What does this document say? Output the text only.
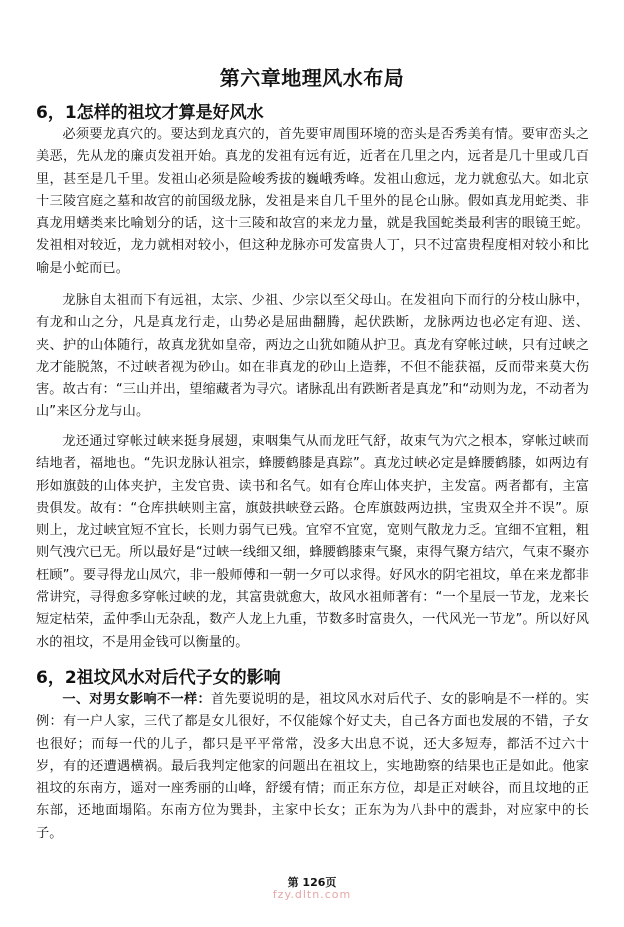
第六章地理风水布局
6，1怎样的祖坟才算是好风水

必须要龙真穴的。要达到龙真穴的，首先要审周围环境的峦头是否秀美有情。要审峦头之美恶，先从龙的廉贞发祖开始。真龙的发祖有远有近，近者在几里之内，远者是几十里或几百里，甚至是几千里。发祖山必须是险峻秀拔的巍峨秀峰。发祖山愈远，龙力就愈弘大。如北京十三陵宫庭之墓和故宫的前国级龙脉，发祖是来自几千里外的昆仑山脉。假如真龙用蛇类、非真龙用蟮类来比喻划分的话，这十三陵和故宫的来龙力量，就是我国蛇类最利害的眼镜王蛇。发祖相对较近，龙力就相对较小，但这种龙脉亦可发富贵人丁，只不过富贵程度相对较小和比喻是小蛇而已。

龙脉自太祖而下有远祖，太宗、少祖、少宗以至父母山。在发祖向下而行的分枝山脉中，有龙和山之分，凡是真龙行走，山势必是屈曲翻腾，起伏跌断，龙脉两边也必定有迎、送、夹、护的山体随行，故真龙犹如皇帝，两边之山犹如随从护卫。真龙有穿帐过峡，只有过峡之龙才能脱煞，不过峡者视为砂山。如在非真龙的砂山上造葬，不但不能获福，反而带来莫大伤害。故古有：“三山并出，望缩藏者为寻穴。诸脉乱出有跌断者是真龙”和“动则为龙，不动者为山”来区分龙与山。

龙还通过穿帐过峡来挺身展翅，束咽集气从而龙旺气舒，故束气为穴之根本，穿帐过峡而结地者，福地也。“先识龙脉认祖宗，蜂腰鹤膝是真踪”。真龙过峡必定是蜂腰鹤膝，如两边有形如旗鼓的山体夹护，主发官贵、读书和名气。如有仓库山体夹护，主发富。两者都有，主富贵俱发。故有：“仓库拱峡则主富，旗鼓拱峡登云路。仓库旗鼓两边拱，宝贵双全并不误”。原则上，龙过峡宜短不宜长，长则力弱气已残。宜窄不宜宽，宽则气散龙力乏。宜细不宜粗，粗则气洩穴已无。所以最好是“过峡一线细又细，蜂腰鹤膝束气聚，束得气聚方结穴，气束不聚亦枉顾”。要寻得龙山凤穴，非一般师傅和一朝一夕可以求得。好风水的阴宅祖坟，单在来龙都非常讲究，寻得愈多穿帐过峡的龙，其富贵就愈大，故风水祖师著有：“一个星辰一节龙，龙来长短定枯荣，孟仲季山无杂乱，数产人龙上九重，节数多时富贵久，一代风光一节龙”。所以好风水的祖坟，不是用金钱可以衡量的。

6，2祖坟风水对后代子女的影响

一、对男女影响不一样：首先要说明的是，祖坟风水对后代子、女的影响是不一样的。实例：有一户人家，三代了都是女儿很好，不仅能嫁个好丈夫，自己各方面也发展的不错，子女也很好；而每一代的儿子，都只是平平常常，没多大出息不说，还大多短寿，都活不过六十岁，有的还遭遇横祸。最后我判定他家的问题出在祖坟上，实地勘察的结果也正是如此。他家祖坟的东南方，遥对一座秀丽的山峰，舒缓有情；而正东方位，却是正对峡谷，而且坟地的正东部，还地面塌陷。东南方位为巽卦，主家中长女；正东为为八卦中的震卦，对应家中的长子。

第 126页
fzy.dltn.com
